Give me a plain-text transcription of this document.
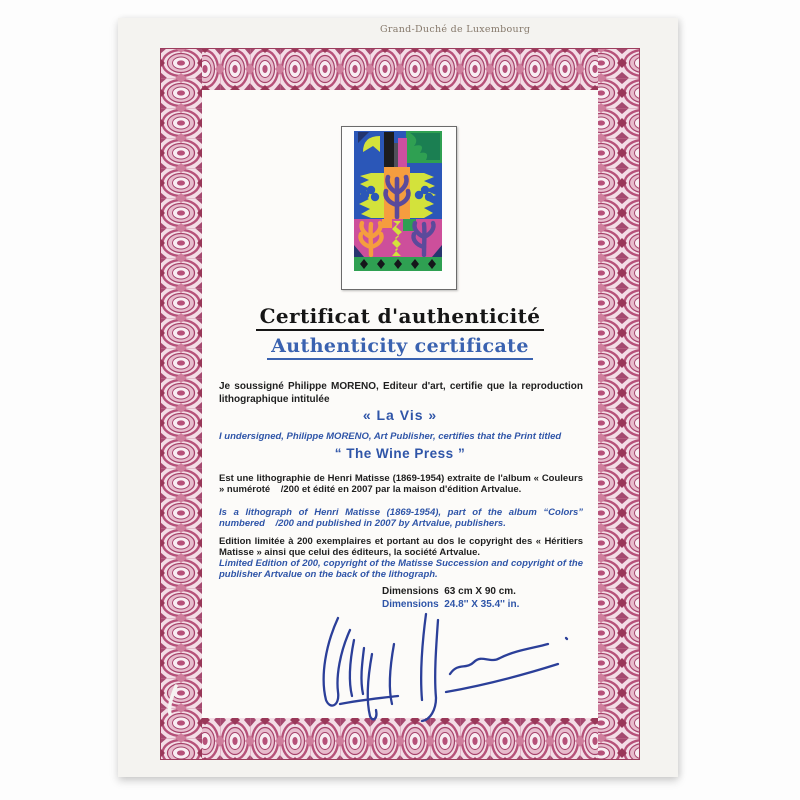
Grand-Duché de Luxembourg
Certificat d'authenticité
Authenticity certificate
Je soussigné Philippe MORENO, Editeur d'art, certifie que la reproduction lithographique intitulée
« La Vis »
I undersigned, Philippe MORENO, Art Publisher, certifies that the Print titled
“ The Wine Press ”
Est une lithographie de Henri Matisse (1869-1954) extraite de l'album « Couleurs » numéroté    /200 et édité en 2007 par la maison d'édition Artvalue.
Is a lithograph of Henri Matisse (1869-1954), part of the album “Colors” numbered    /200 and published in 2007 by Artvalue, publishers.
Edition limitée à 200 exemplaires et portant au dos le copyright des « Héritiers Matisse » ainsi que celui des éditeurs, la société Artvalue.
Limited Edition of 200, copyright of the Matisse Succession and copyright of the publisher Artvalue on the back of the lithograph.
Dimensions  63 cm X 90 cm.
Dimensions  24.8'' X 35.4'' in.
